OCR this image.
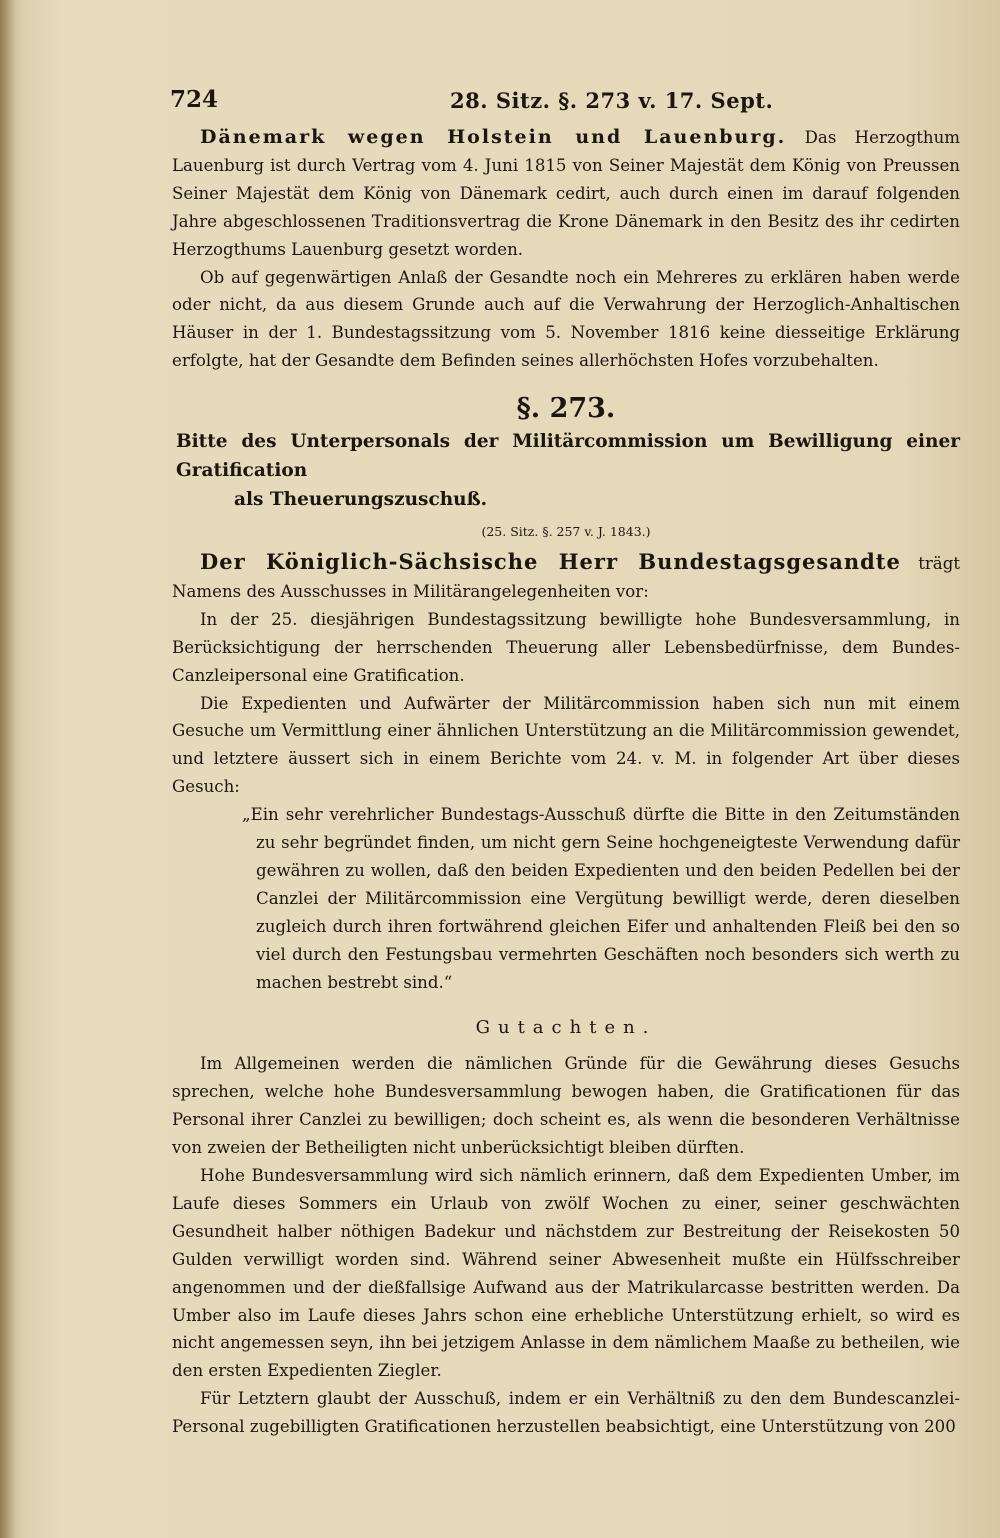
724	28. Sitz. §. 273 v. 17. Sept.

Dänemark wegen Holstein und Lauenburg. Das Herzogthum Lauenburg ist durch Vertrag vom 4. Juni 1815 von Seiner Majestät dem König von Preussen Seiner Majestät dem König von Dänemark cedirt, auch durch einen im darauf folgenden Jahre abgeschlossenen Traditionsvertrag die Krone Dänemark in den Besitz des ihr cedirten Herzogthums Lauenburg gesetzt worden.

Ob auf gegenwärtigen Anlaß der Gesandte noch ein Mehreres zu erklären haben werde oder nicht, da aus diesem Grunde auch auf die Verwahrung der Herzoglich-Anhaltischen Häuser in der 1. Bundestagssitzung vom 5. November 1816 keine diesseitige Erklärung erfolgte, hat der Gesandte dem Befinden seines allerhöchsten Hofes vorzubehalten.

§. 273.
Bitte des Unterpersonals der Militärcommission um Bewilligung einer Gratification
als Theuerungszuschuß.
(25. Sitz. §. 257 v. J. 1843.)

Der Königlich-Sächsische Herr Bundestagsgesandte trägt Namens des Ausschusses in Militärangelegenheiten vor:

In der 25. diesjährigen Bundestagssitzung bewilligte hohe Bundesversammlung, in Berücksichtigung der herrschenden Theuerung aller Lebensbedürfnisse, dem Bundes-Canzleipersonal eine Gratification.

Die Expedienten und Aufwärter der Militärcommission haben sich nun mit einem Gesuche um Vermittlung einer ähnlichen Unterstützung an die Militärcommission gewendet, und letztere äussert sich in einem Berichte vom 24. v. M. in folgender Art über dieses Gesuch:

„Ein sehr verehrlicher Bundestags-Ausschuß dürfte die Bitte in den Zeitumständen zu sehr begründet finden, um nicht gern Seine hochgeneigteste Verwendung dafür gewähren zu wollen, daß den beiden Expedienten und den beiden Pedellen bei der Canzlei der Militärcommission eine Vergütung bewilligt werde, deren dieselben zugleich durch ihren fortwährend gleichen Eifer und anhaltenden Fleiß bei den so viel durch den Festungsbau vermehrten Geschäften noch besonders sich werth zu machen bestrebt sind.“

Gutachten.

Im Allgemeinen werden die nämlichen Gründe für die Gewährung dieses Gesuchs sprechen, welche hohe Bundesversammlung bewogen haben, die Gratificationen für das Personal ihrer Canzlei zu bewilligen; doch scheint es, als wenn die besonderen Verhältnisse von zweien der Betheiligten nicht unberücksichtigt bleiben dürften.

Hohe Bundesversammlung wird sich nämlich erinnern, daß dem Expedienten Umber, im Laufe dieses Sommers ein Urlaub von zwölf Wochen zu einer, seiner geschwächten Gesundheit halber nöthigen Badekur und nächstdem zur Bestreitung der Reisekosten 50 Gulden verwilligt worden sind. Während seiner Abwesenheit mußte ein Hülfsschreiber angenommen und der dießfallsige Aufwand aus der Matrikularcasse bestritten werden. Da Umber also im Laufe dieses Jahrs schon eine erhebliche Unterstützung erhielt, so wird es nicht angemessen seyn, ihn bei jetzigem Anlasse in dem nämlichem Maaße zu betheilen, wie den ersten Expedienten Ziegler.

Für Letztern glaubt der Ausschuß, indem er ein Verhältniß zu den dem Bundescanzlei-Personal zugebilligten Gratificationen herzustellen beabsichtigt, eine Unterstützung von 200
